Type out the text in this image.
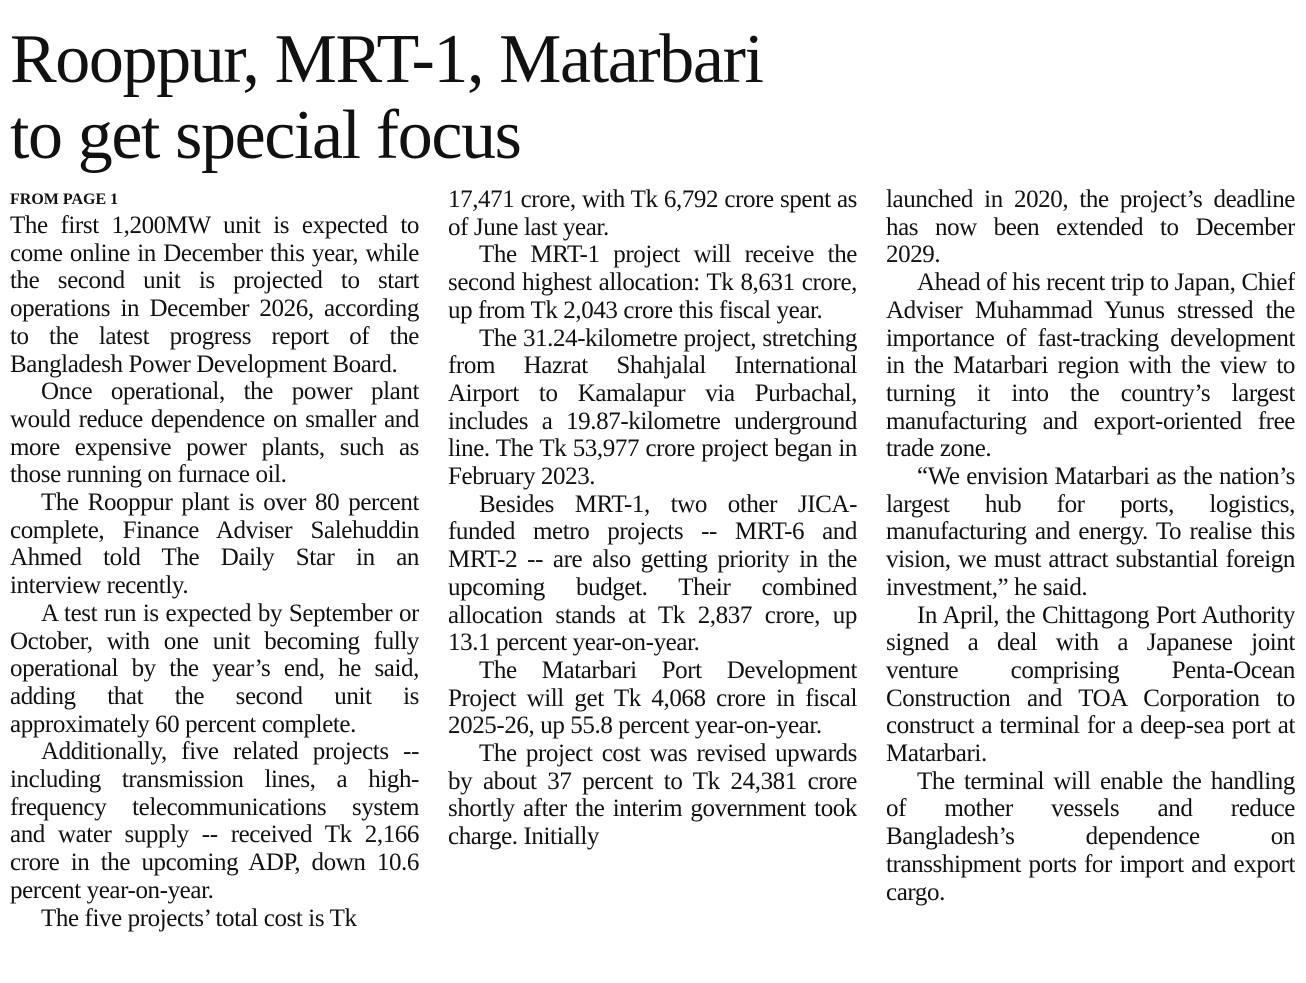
Rooppur, MRT-1, Matarbari
to get special focus
FROM PAGE 1

The first 1,200MW unit is expected to come online in December this year, while the second unit is projected to start operations in December 2026, according to the latest progress report of the Bangladesh Power Development Board.

Once operational, the power plant would reduce dependence on smaller and more expensive power plants, such as those running on furnace oil.

The Rooppur plant is over 80 percent complete, Finance Adviser Salehuddin Ahmed told The Daily Star in an interview recently.

A test run is expected by September or October, with one unit becoming fully operational by the year’s end, he said, adding that the second unit is approximately 60 percent complete.

Additionally, five related projects -- including transmission lines, a high-frequency telecommunications system and water supply -- received Tk 2,166 crore in the upcoming ADP, down 10.6 percent year-on-year.

The five projects’ total cost is Tk

17,471 crore, with Tk 6,792 crore spent as of June last year.

The MRT-1 project will receive the second highest allocation: Tk 8,631 crore, up from Tk 2,043 crore this fiscal year.

The 31.24-kilometre project, stretching from Hazrat Shahjalal International Airport to Kamalapur via Purbachal, includes a 19.87-kilometre underground line. The Tk 53,977 crore project began in February 2023.

Besides MRT-1, two other JICA-funded metro projects -- MRT-6 and MRT-2 -- are also getting priority in the upcoming budget. Their combined allocation stands at Tk 2,837 crore, up 13.1 percent year-on-year.

The Matarbari Port Development Project will get Tk 4,068 crore in fiscal 2025-26, up 55.8 percent year-on-year.

The project cost was revised upwards by about 37 percent to Tk 24,381 crore shortly after the interim government took charge. Initially

launched in 2020, the project’s deadline has now been extended to December 2029.

Ahead of his recent trip to Japan, Chief Adviser Muhammad Yunus stressed the importance of fast-tracking development in the Matarbari region with the view to turning it into the country’s largest manufacturing and export-oriented free trade zone.

“We envision Matarbari as the nation’s largest hub for ports, logistics, manufacturing and energy. To realise this vision, we must attract substantial foreign investment,” he said.

In April, the Chittagong Port Authority signed a deal with a Japanese joint venture comprising Penta-Ocean Construction and TOA Corporation to construct a terminal for a deep-sea port at Matarbari.

The terminal will enable the handling of mother vessels and reduce Bangladesh’s dependence on transshipment ports for import and export cargo.
